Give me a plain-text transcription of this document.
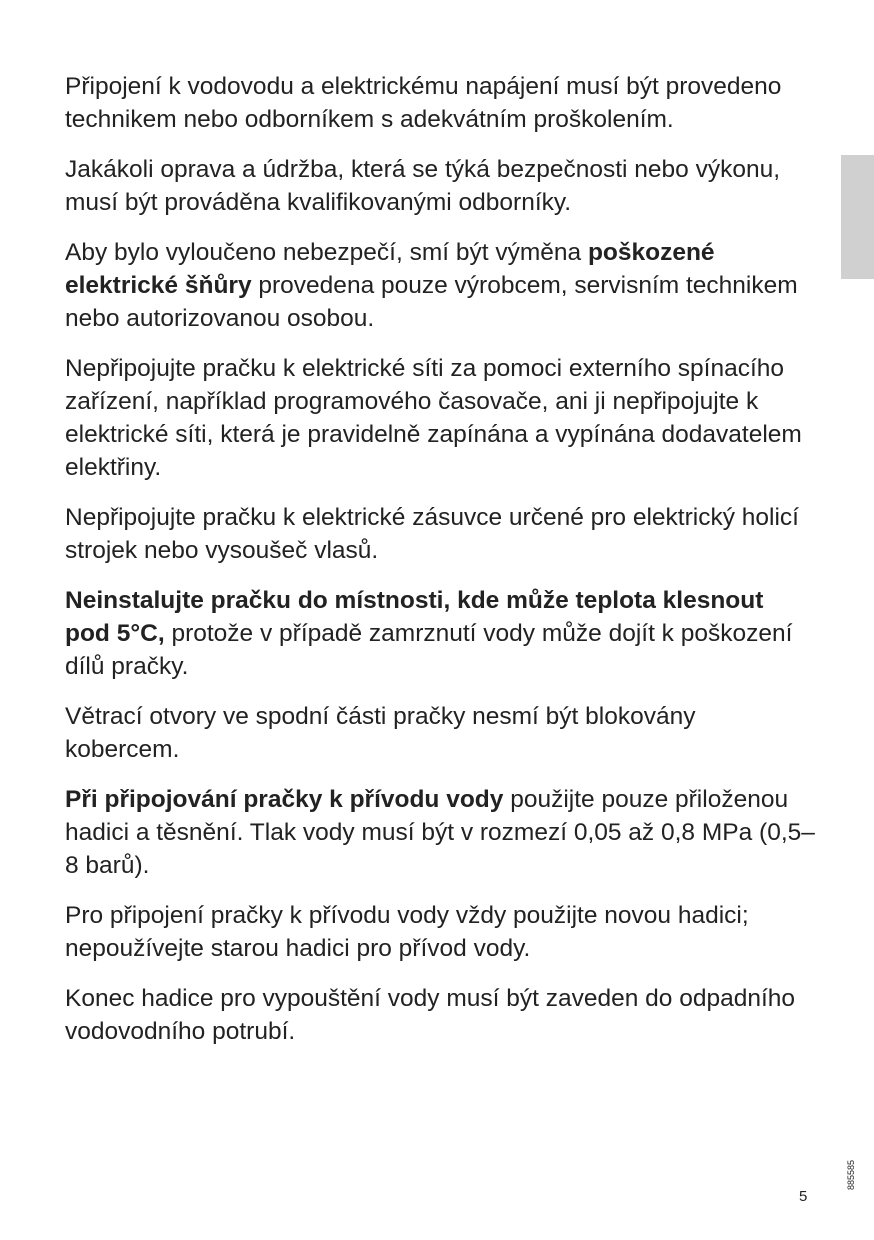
Připojení k vodovodu a elektrickému napájení musí být provedeno technikem nebo odborníkem s adekvátním proškolením.

Jakákoli oprava a údržba, která se týká bezpečnosti nebo výkonu, musí být prováděna kvalifikovanými odborníky.

Aby bylo vyloučeno nebezpečí, smí být výměna poškozené elektrické šňůry provedena pouze výrobcem, servisním technikem nebo autorizovanou osobou.

Nepřipojujte pračku k elektrické síti za pomoci externího spínacího zařízení, například programového časovače, ani ji nepřipojujte k elektrické síti, která je pravidelně zapínána a vypínána dodavatelem elektřiny.

Nepřipojujte pračku k elektrické zásuvce určené pro elektrický holicí strojek nebo vysoušeč vlasů.

Neinstalujte pračku do místnosti, kde může teplota klesnout pod 5°C, protože v případě zamrznutí vody může dojít k poškození dílů pračky.

Větrací otvory ve spodní části pračky nesmí být blokovány kobercem.

Při připojování pračky k přívodu vody použijte pouze přiloženou hadici a těsnění. Tlak vody musí být v rozmezí 0,05 až 0,8 MPa (0,5–8 barů).

Pro připojení pračky k přívodu vody vždy použijte novou hadici; nepoužívejte starou hadici pro přívod vody.

Konec hadice pro vypouštění vody musí být zaveden do odpadního vodovodního potrubí.

5
885585
